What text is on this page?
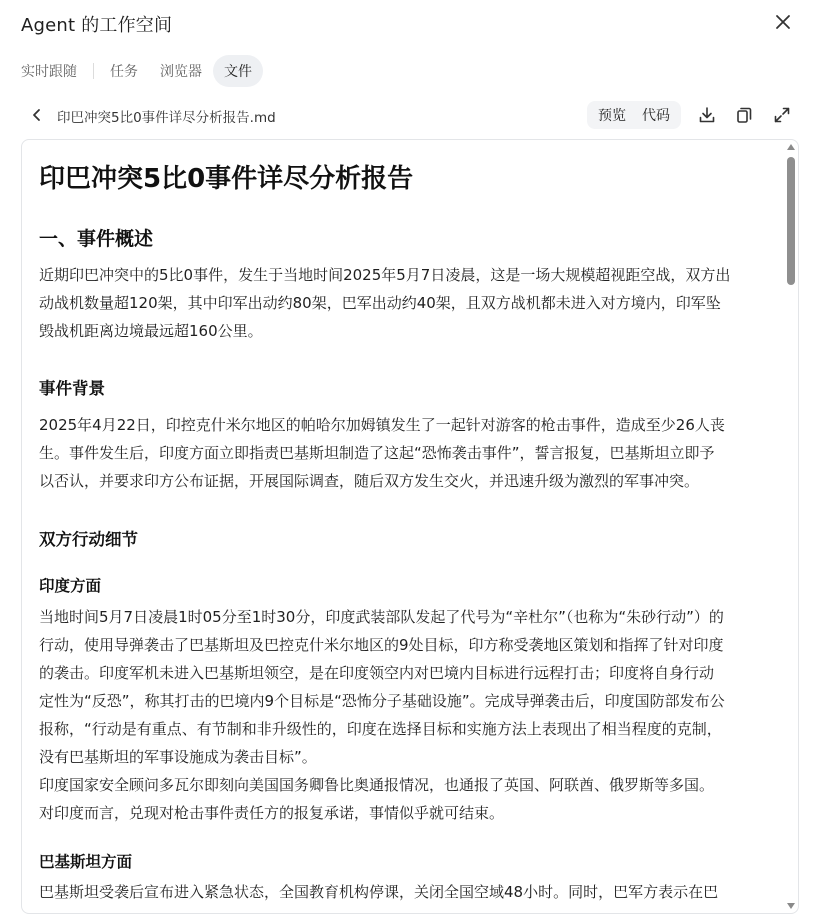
Agent 的工作空间
实时跟随	任务	浏览器	文件
印巴冲突5比0事件详尽分析报告.md	预览	代码
印巴冲突5比0事件详尽分析报告
一、事件概述
近期印巴冲突中的5比0事件，发生于当地时间2025年5月7日凌晨，这是一场大规模超视距空战，双方出
动战机数量超120架，其中印军出动约80架，巴军出动约40架，且双方战机都未进入对方境内，印军坠
毁战机距离边境最远超160公里。
事件背景
2025年4月22日，印控克什米尔地区的帕哈尔加姆镇发生了一起针对游客的枪击事件，造成至少26人丧
生。事件发生后，印度方面立即指责巴基斯坦制造了这起“恐怖袭击事件”，誓言报复，巴基斯坦立即予
以否认，并要求印方公布证据，开展国际调查，随后双方发生交火，并迅速升级为激烈的军事冲突。
双方行动细节
印度方面
当地时间5月7日凌晨1时05分至1时30分，印度武装部队发起了代号为“辛杜尔”（也称为“朱砂行动”）的
行动，使用导弹袭击了巴基斯坦及巴控克什米尔地区的9处目标，印方称受袭地区策划和指挥了针对印度
的袭击。印度军机未进入巴基斯坦领空，是在印度领空内对巴境内目标进行远程打击；印度将自身行动
定性为“反恐”，称其打击的巴境内9个目标是“恐怖分子基础设施”。完成导弹袭击后，印度国防部发布公
报称，“行动是有重点、有节制和非升级性的，印度在选择目标和实施方法上表现出了相当程度的克制，
没有巴基斯坦的军事设施成为袭击目标”。
印度国家安全顾问多瓦尔即刻向美国国务卿鲁比奥通报情况，也通报了英国、阿联酋、俄罗斯等多国。
对印度而言，兑现对枪击事件责任方的报复承诺，事情似乎就可结束。
巴基斯坦方面
巴基斯坦受袭后宣布进入紧急状态，全国教育机构停课，关闭全国空域48小时。同时，巴军方表示在巴
